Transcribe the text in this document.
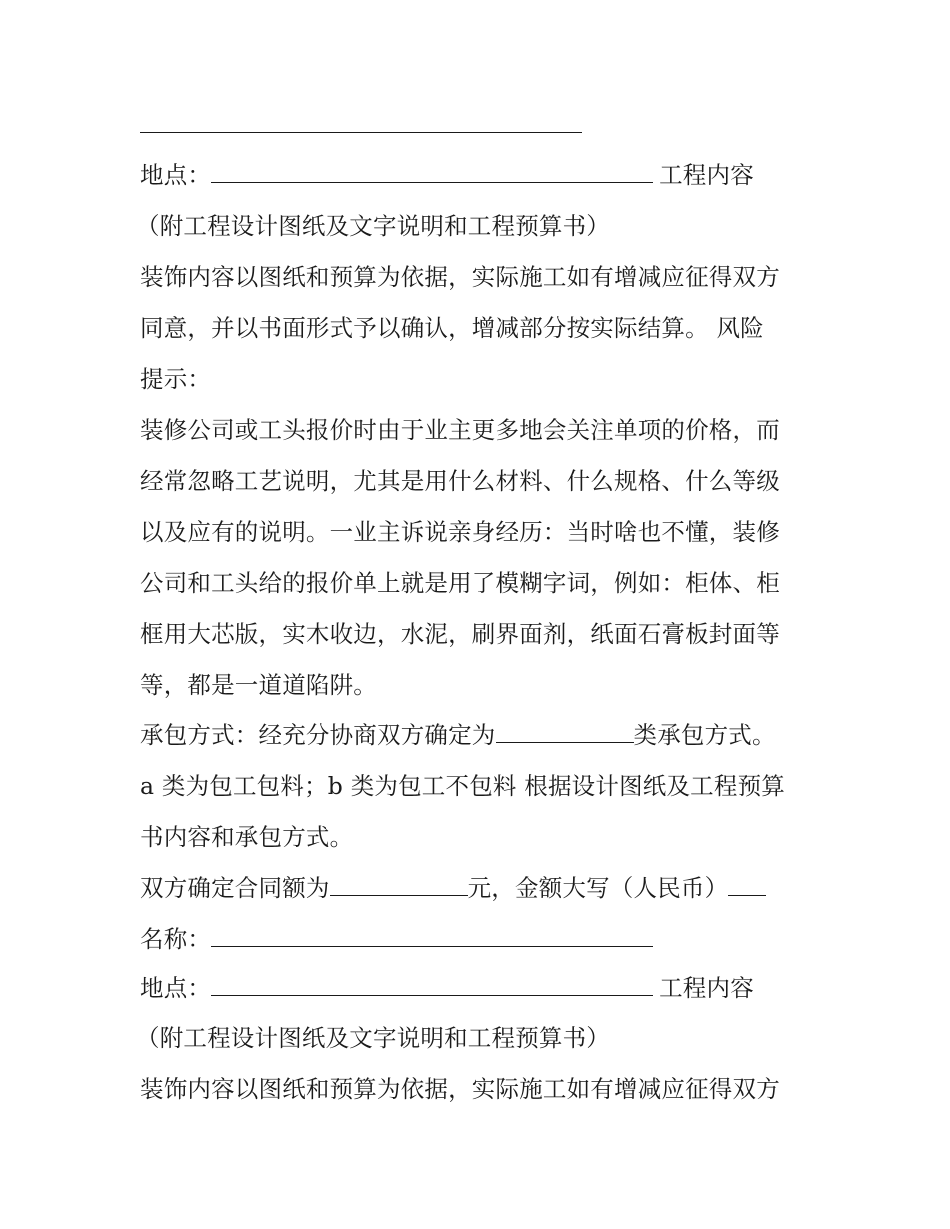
地点：	工程内容
（附工程设计图纸及文字说明和工程预算书）
装饰内容以图纸和预算为依据，实际施工如有增减应征得双方
同意，并以书面形式予以确认，增减部分按实际结算。 风险
提示：
装修公司或工头报价时由于业主更多地会关注单项的价格，而
经常忽略工艺说明，尤其是用什么材料、什么规格、什么等级
以及应有的说明。一业主诉说亲身经历：当时啥也不懂，装修
公司和工头给的报价单上就是用了模糊字词，例如：柜体、柜
框用大芯版，实木收边，水泥，刷界面剂，纸面石膏板封面等
等，都是一道道陷阱。
承包方式：经充分协商双方确定为	类承包方式。
a 类为包工包料；b 类为包工不包料 根据设计图纸及工程预算
书内容和承包方式。
双方确定合同额为	元，金额大写（人民币）
名称：
地点：	工程内容
（附工程设计图纸及文字说明和工程预算书）
装饰内容以图纸和预算为依据，实际施工如有增减应征得双方
